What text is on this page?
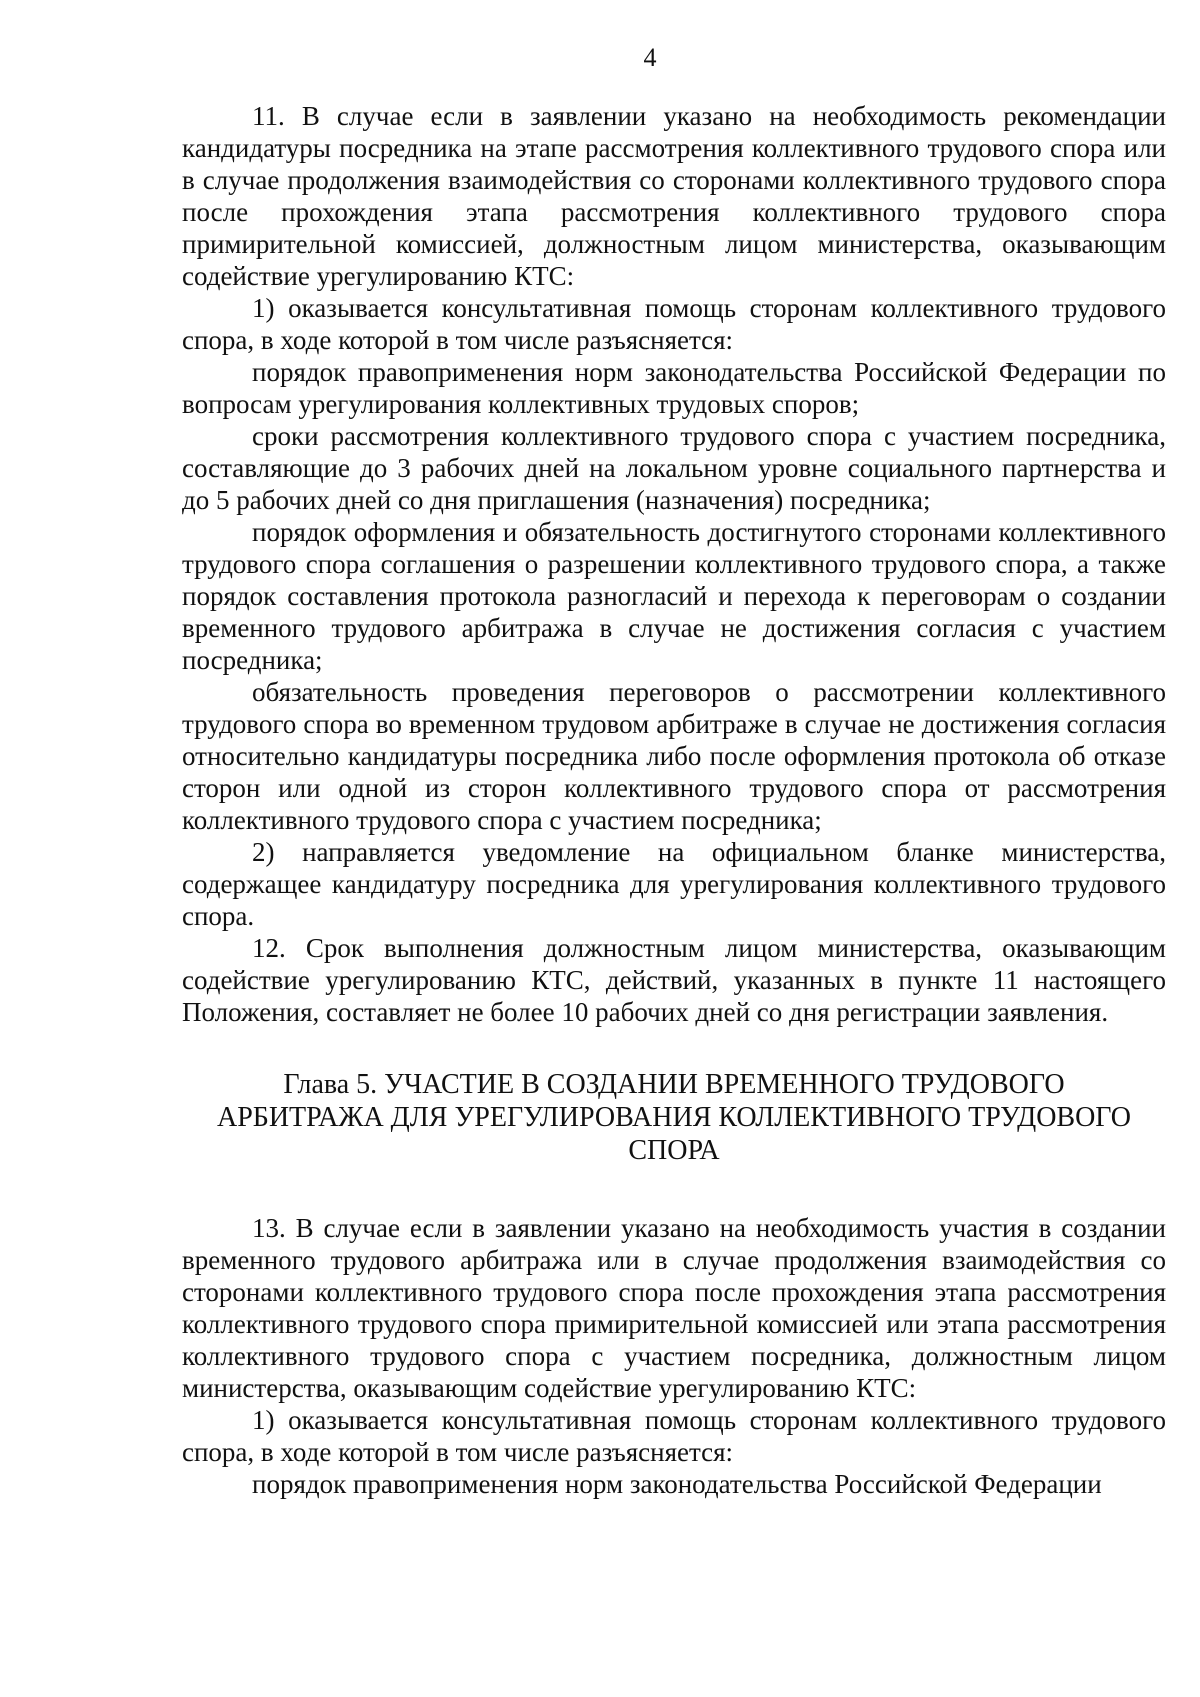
4

11. В случае если в заявлении указано на необходимость рекомендации кандидатуры посредника на этапе рассмотрения коллективного трудового спора или в случае продолжения взаимодействия со сторонами коллективного трудового спора после прохождения этапа рассмотрения коллективного трудового спора примирительной комиссией, должностным лицом министерства, оказывающим содействие урегулированию КТС:

1) оказывается консультативная помощь сторонам коллективного трудового спора, в ходе которой в том числе разъясняется:

порядок правоприменения норм законодательства Российской Федерации по вопросам урегулирования коллективных трудовых споров;

сроки рассмотрения коллективного трудового спора с участием посредника, составляющие до 3 рабочих дней на локальном уровне социального партнерства и до 5 рабочих дней со дня приглашения (назначения) посредника;

порядок оформления и обязательность достигнутого сторонами коллективного трудового спора соглашения о разрешении коллективного трудового спора, а также порядок составления протокола разногласий и перехода к переговорам о создании временного трудового арбитража в случае не достижения согласия с участием посредника;

обязательность проведения переговоров о рассмотрении коллективного трудового спора во временном трудовом арбитраже в случае не достижения согласия относительно кандидатуры посредника либо после оформления протокола об отказе сторон или одной из сторон коллективного трудового спора от рассмотрения коллективного трудового спора с участием посредника;

2) направляется уведомление на официальном бланке министерства, содержащее кандидатуру посредника для урегулирования коллективного трудового спора.

12. Срок выполнения должностным лицом министерства, оказывающим содействие урегулированию КТС, действий, указанных в пункте 11 настоящего Положения, составляет не более 10 рабочих дней со дня регистрации заявления.

Глава 5. УЧАСТИЕ В СОЗДАНИИ ВРЕМЕННОГО ТРУДОВОГО
АРБИТРАЖА ДЛЯ УРЕГУЛИРОВАНИЯ КОЛЛЕКТИВНОГО ТРУДОВОГО
СПОРА

13. В случае если в заявлении указано на необходимость участия в создании временного трудового арбитража или в случае продолжения взаимодействия со сторонами коллективного трудового спора после прохождения этапа рассмотрения коллективного трудового спора примирительной комиссией или этапа рассмотрения коллективного трудового спора с участием посредника, должностным лицом министерства, оказывающим содействие урегулированию КТС:

1) оказывается консультативная помощь сторонам коллективного трудового спора, в ходе которой в том числе разъясняется:

порядок правоприменения норм законодательства Российской Федерации
